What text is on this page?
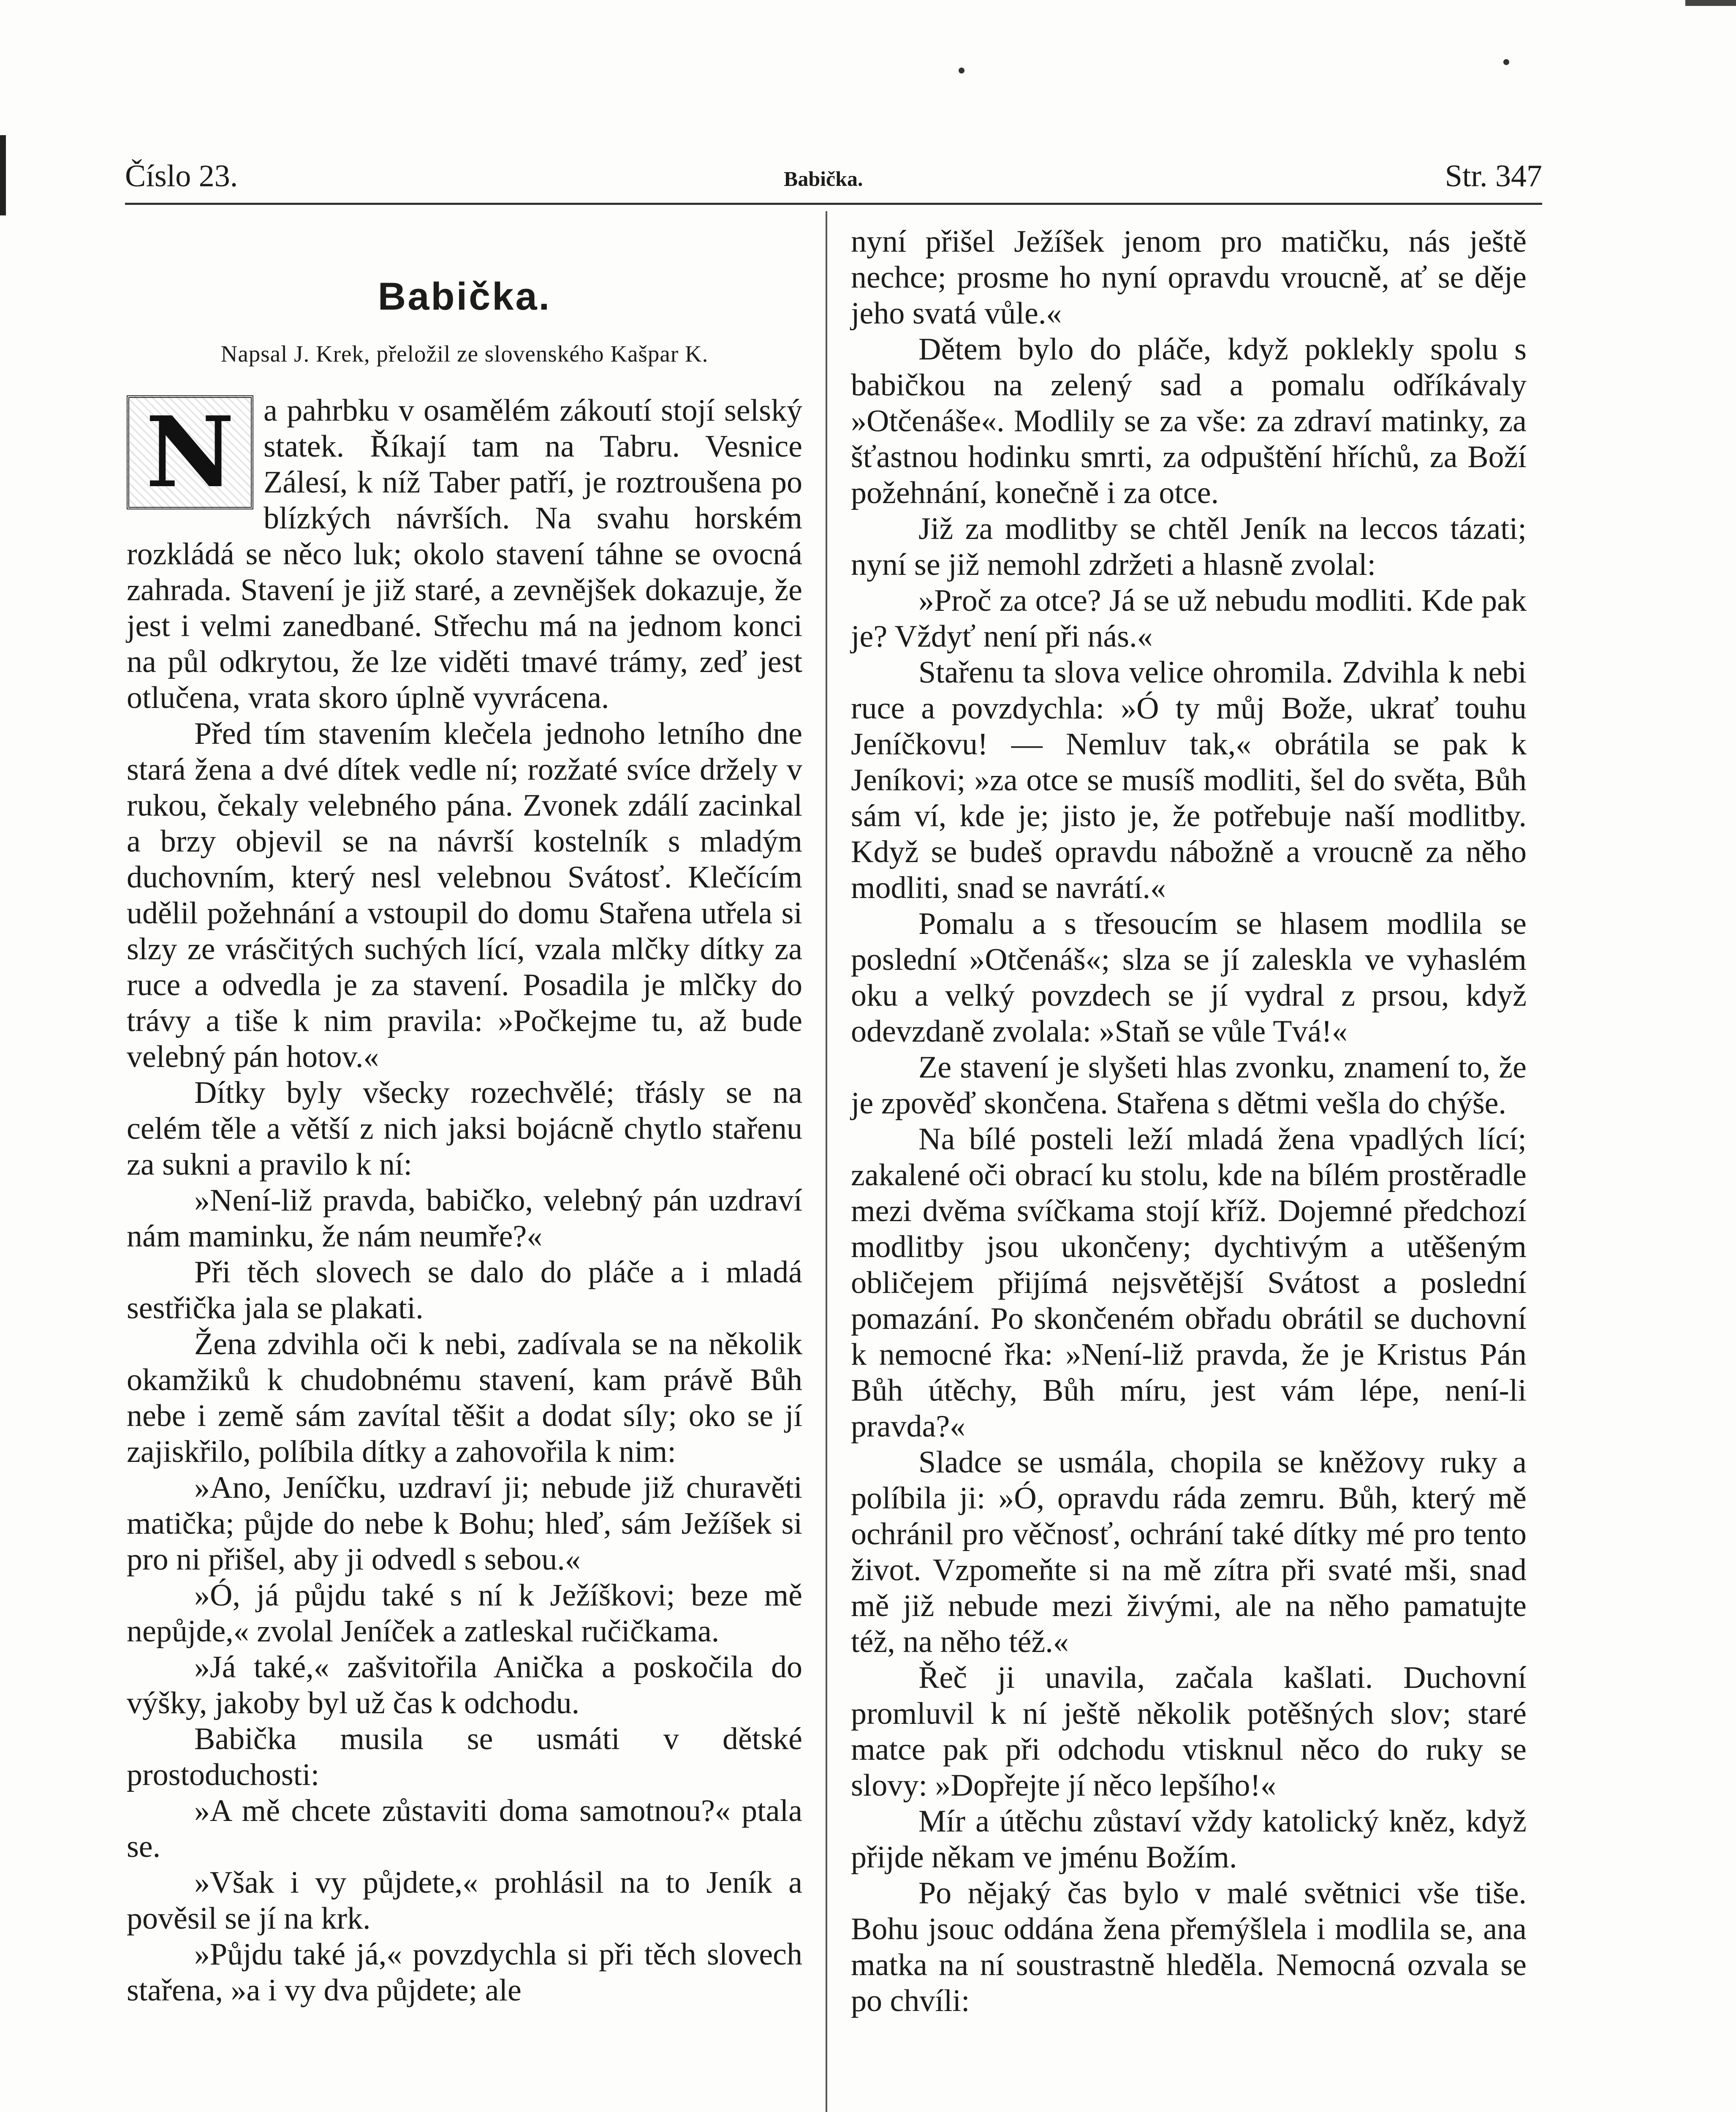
Číslo 23.	Babička.	Str. 347
Babička.
Napsal J. Krek, přeložil ze slovenského Kašpar K.

N a pahrbku v osamělém zákoutí stojí selský statek. Říkají tam na Tabru. Vesnice Zálesí, k níž Taber patří, je roztroušena po blízkých návrších. Na svahu horském rozkládá se něco luk; okolo stavení táhne se ovocná zahrada. Stavení je již staré, a zevnějšek dokazuje, že jest i velmi zanedbané. Střechu má na jednom konci na půl odkrytou, že lze viděti tmavé trámy, zeď jest otlučena, vrata skoro úplně vyvrácena.

Před tím stavením klečela jednoho letního dne stará žena a dvé dítek vedle ní; rozžaté svíce držely v rukou, čekaly velebného pána. Zvonek zdálí zacinkal a brzy objevil se na návrší kostelník s mladým duchovním, který nesl velebnou Svátosť. Klečícím udělil požehnání a vstoupil do domu Stařena utřela si slzy ze vrásčitých suchých lící, vzala mlčky dítky za ruce a odvedla je za stavení. Posadila je mlčky do trávy a tiše k nim pravila: »Počkejme tu, až bude velebný pán hotov.«

Dítky byly všecky rozechvělé; třásly se na celém těle a větší z nich jaksi bojácně chytlo stařenu za sukni a pravilo k ní:

»Není-liž pravda, babičko, velebný pán uzdraví nám maminku, že nám neumře?«

Při těch slovech se dalo do pláče a i mladá sestřička jala se plakati.

Žena zdvihla oči k nebi, zadívala se na několik okamžiků k chudobnému stavení, kam právě Bůh nebe i země sám zavítal těšit a dodat síly; oko se jí zajiskřilo, políbila dítky a zahovořila k nim:

»Ano, Jeníčku, uzdraví ji; nebude již churavěti matička; půjde do nebe k Bohu; hleď, sám Ježíšek si pro ni přišel, aby ji odvedl s sebou.«

»Ó, já půjdu také s ní k Ježíškovi; beze mě nepůjde,« zvolal Jeníček a zatleskal ručičkama.

»Já také,« zašvitořila Anička a poskočila do výšky, jakoby byl už čas k odchodu.

Babička musila se usmáti v dětské prostoduchosti:

»A mě chcete zůstaviti doma samotnou?« ptala se.

»Však i vy půjdete,« prohlásil na to Jeník a pověsil se jí na krk.

»Půjdu také já,« povzdychla si při těch slovech stařena, »a i vy dva půjdete; ale

nyní přišel Ježíšek jenom pro matičku, nás ještě nechce; prosme ho nyní opravdu vroucně, ať se děje jeho svatá vůle.«

Dětem bylo do pláče, když poklekly spolu s babičkou na zelený sad a pomalu odříkávaly »Otčenáše«. Modlily se za vše: za zdraví matinky, za šťastnou hodinku smrti, za odpuštění hříchů, za Boží požehnání, konečně i za otce.

Již za modlitby se chtěl Jeník na leccos tázati; nyní se již nemohl zdržeti a hlasně zvolal:

»Proč za otce? Já se už nebudu modliti. Kde pak je? Vždyť není při nás.«

Stařenu ta slova velice ohromila. Zdvihla k nebi ruce a povzdychla: »Ó ty můj Bože, ukrať touhu Jeníčkovu! — Nemluv tak,« obrátila se pak k Jeníkovi; »za otce se musíš modliti, šel do světa, Bůh sám ví, kde je; jisto je, že potřebuje naší modlitby. Když se budeš opravdu nábožně a vroucně za něho modliti, snad se navrátí.«

Pomalu a s třesoucím se hlasem modlila se poslední »Otčenáš«; slza se jí zaleskla ve vyhaslém oku a velký povzdech se jí vydral z prsou, když odevzdaně zvolala: »Staň se vůle Tvá!«

Ze stavení je slyšeti hlas zvonku, znamení to, že je zpověď skončena. Stařena s dětmi vešla do chýše.

Na bílé posteli leží mladá žena vpadlých lící; zakalené oči obrací ku stolu, kde na bílém prostěradle mezi dvěma svíčkama stojí kříž. Dojemné předchozí modlitby jsou ukončeny; dychtivým a utěšeným obličejem přijímá nejsvětější Svátost a poslední pomazání. Po skončeném obřadu obrátil se duchovní k nemocné řka: »Není-liž pravda, že je Kristus Pán Bůh útěchy, Bůh míru, jest vám lépe, není-li pravda?«

Sladce se usmála, chopila se kněžovy ruky a políbila ji: »Ó, opravdu ráda zemru. Bůh, který mě ochránil pro věčnosť, ochrání také dítky mé pro tento život. Vzpomeňte si na mě zítra při svaté mši, snad mě již nebude mezi živými, ale na něho pamatujte též, na něho též.«

Řeč ji unavila, začala kašlati. Duchovní promluvil k ní ještě několik potěšných slov; staré matce pak při odchodu vtisknul něco do ruky se slovy: »Dopřejte jí něco lepšího!«

Mír a útěchu zůstaví vždy katolický kněz, když přijde někam ve jménu Božím.

Po nějaký čas bylo v malé světnici vše tiše. Bohu jsouc oddána žena přemýšlela i modlila se, ana matka na ní soustrastně hleděla. Nemocná ozvala se po chvíli:
